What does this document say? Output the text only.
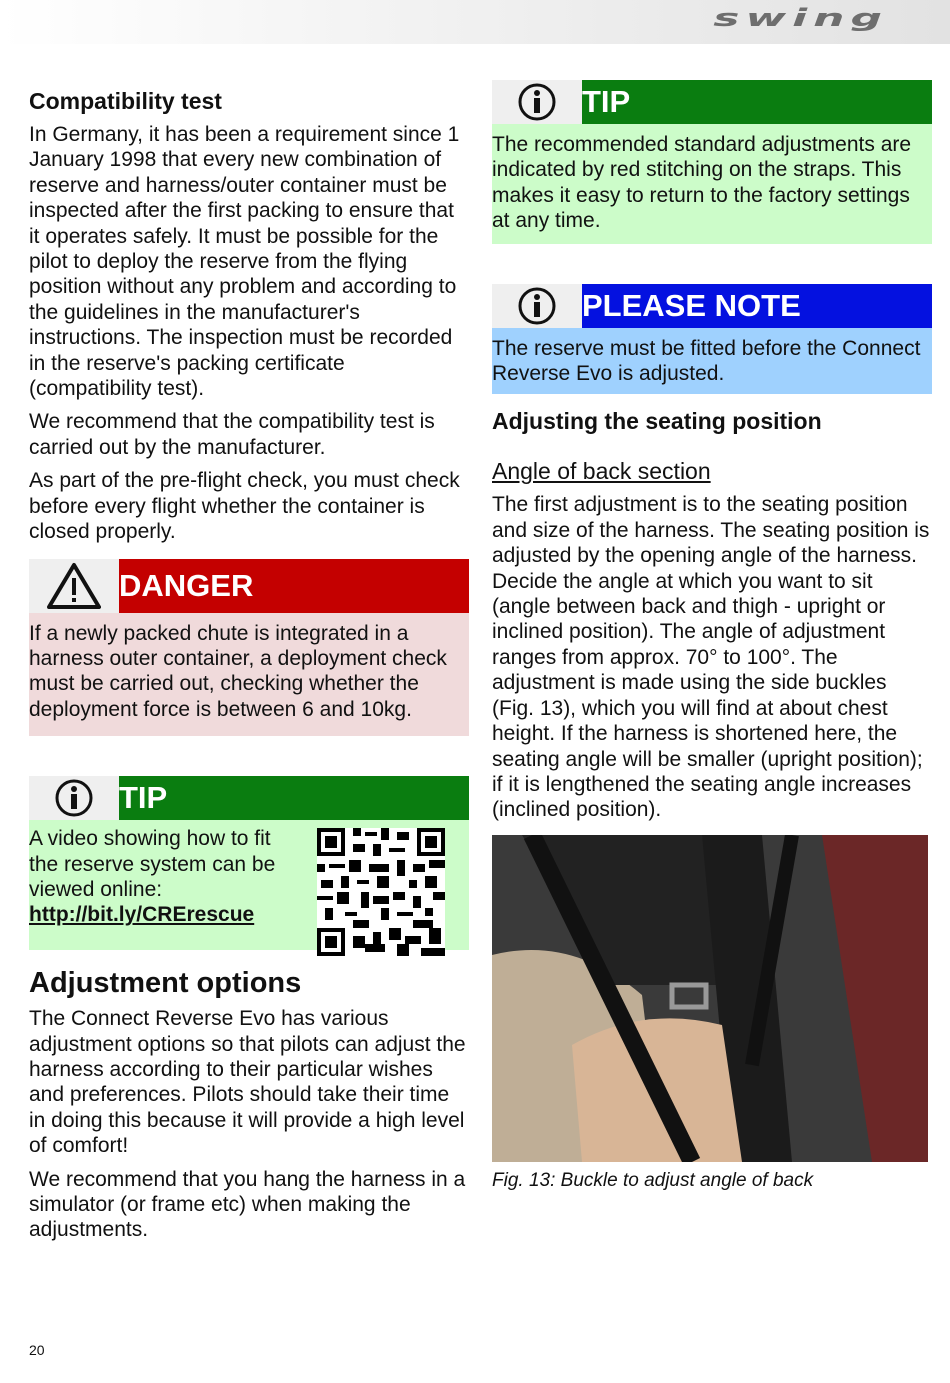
swing
Compatibility test

In Germany, it has been a requirement since 1 January 1998 that every new combination of reserve and harness/outer container must be inspected after the first packing to ensure that it operates safely. It must be possible for the pilot to deploy the reserve from the flying position without any problem and according to the guidelines in the manufacturer's instructions. The inspection must be recorded in the reserve's packing certificate (compatibility test).

We recommend that the compatibility test is carried out by the manufacturer.

As part of the pre-flight check, you must check before every flight whether the container is closed properly.

DANGER
If a newly packed chute is integrated in a harness outer container, a deployment check must be carried out, checking whether the deployment force is between 6 and 10kg.
TIP
A video showing how to fit the reserve system can be viewed online:
http://bit.ly/CRErescue
Adjustment options

The Connect Reverse Evo has various adjustment options so that pilots can adjust the harness according to their particular wishes and preferences. Pilots should take their time in doing this because it will provide a high level of comfort!

We recommend that you hang the harness in a simulator (or frame etc) when making the adjustments.

TIP
The recommended standard adjustments are indicated by red stitching on the straps. This makes it easy to return to the factory settings at any time.
PLEASE NOTE
The reserve must be fitted before the Connect Reverse Evo is adjusted.
Adjusting the seating position
Angle of back section

The first adjustment is to the seating position and size of the harness. The seating position is adjusted by the opening angle of the harness. Decide the angle at which you want to sit (angle between back and thigh - upright or inclined position). The angle of adjustment ranges from approx. 70° to 100°. The adjustment is made using the side buckles (Fig. 13), which you will find at about chest height. If the harness is shortened here, the seating angle will be smaller (upright position); if it is lengthened the seating angle increases (inclined position).

Fig. 13: Buckle to adjust angle of back
20
